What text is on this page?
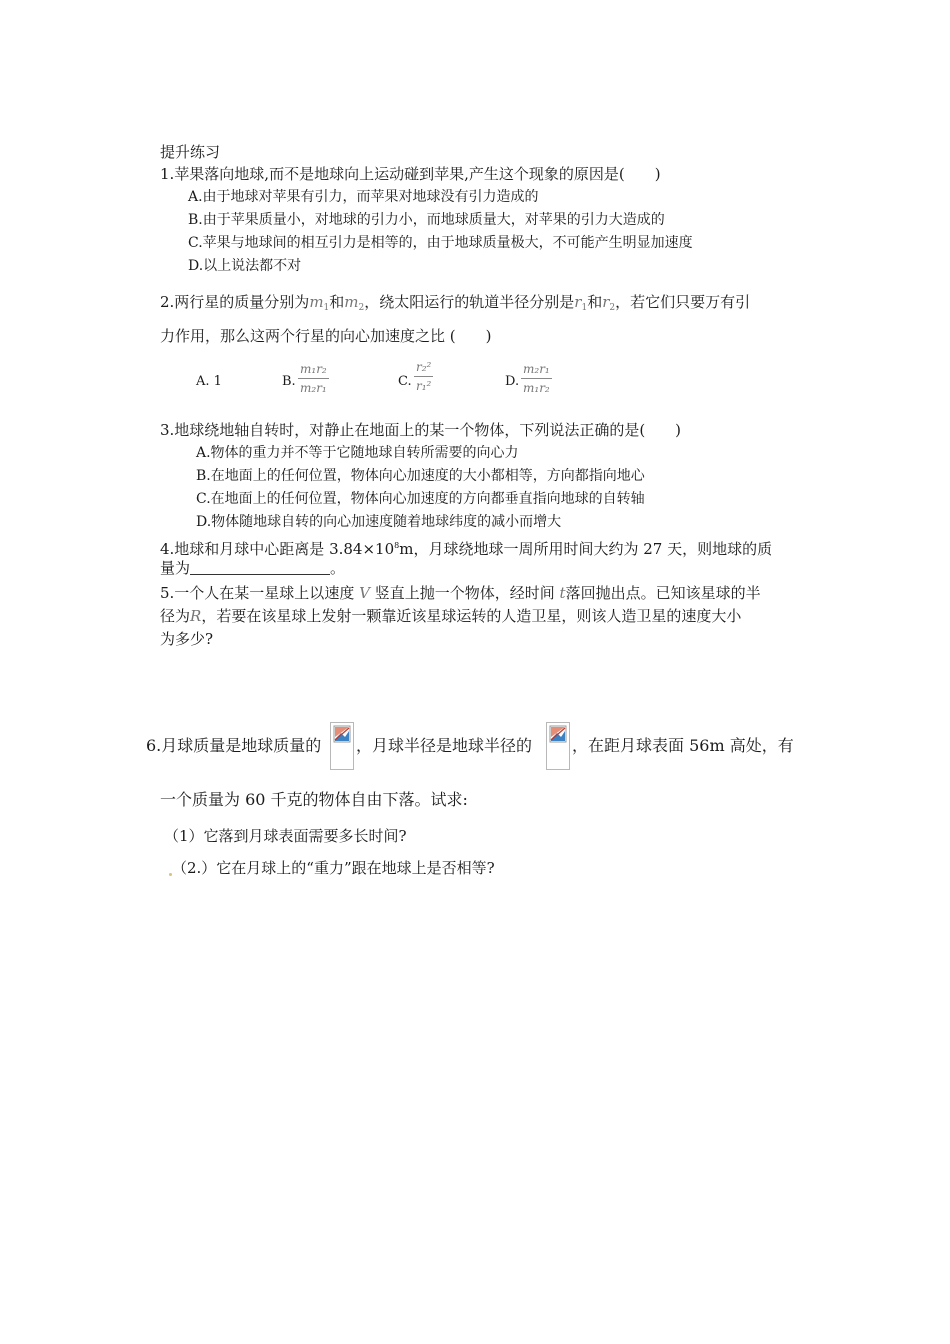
提升练习
1.苹果落向地球,而不是地球向上运动碰到苹果,产生这个现象的原因是(　　)
A.由于地球对苹果有引力，而苹果对地球没有引力造成的
B.由于苹果质量小，对地球的引力小，而地球质量大，对苹果的引力大造成的
C.苹果与地球间的相互引力是相等的，由于地球质量极大，不可能产生明显加速度
D.以上说法都不对
2.两行星的质量分别为$m_1$和$m_2$，绕太阳运行的轨道半径分别是$r_1$和$r_2$，若它们只要万有引
力作用，那么这两个行星的向心加速度之比 (　　)
A. 1	B.
m₁r₂
m₂r₁	C.
r₂²
r₁²	D.
m₂r₁
m₁r₂
3.地球绕地轴自转时，对静止在地面上的某一个物体，下列说法正确的是(　　)
A.物体的重力并不等于它随地球自转所需要的向心力
B.在地面上的任何位置，物体向心加速度的大小都相等，方向都指向地心
C.在地面上的任何位置，物体向心加速度的方向都垂直指向地球的自转轴
D.物体随地球自转的向心加速度随着地球纬度的减小而增大
4.地球和月球中心距离是 $3.84\times 10^8m$，月球绕地球一周所用时间大约为 27 天，则地球的质
量为	。
5.一个人在某一星球上以速度 V 竖直上抛一个物体，经时间 t落回抛出点。已知该星球的半
径为R，若要在该星球上发射一颗靠近该星球运转的人造卫星，则该人造卫星的速度大小
为多少?
6.月球质量是地球质量的 ，月球半径是地球半径的 ，在距月球表面 56m 高处，有
一个质量为 60 千克的物体自由下落。试求:
（1）它落到月球表面需要多长时间?
（2.）它在月球上的“重力”跟在地球上是否相等?
